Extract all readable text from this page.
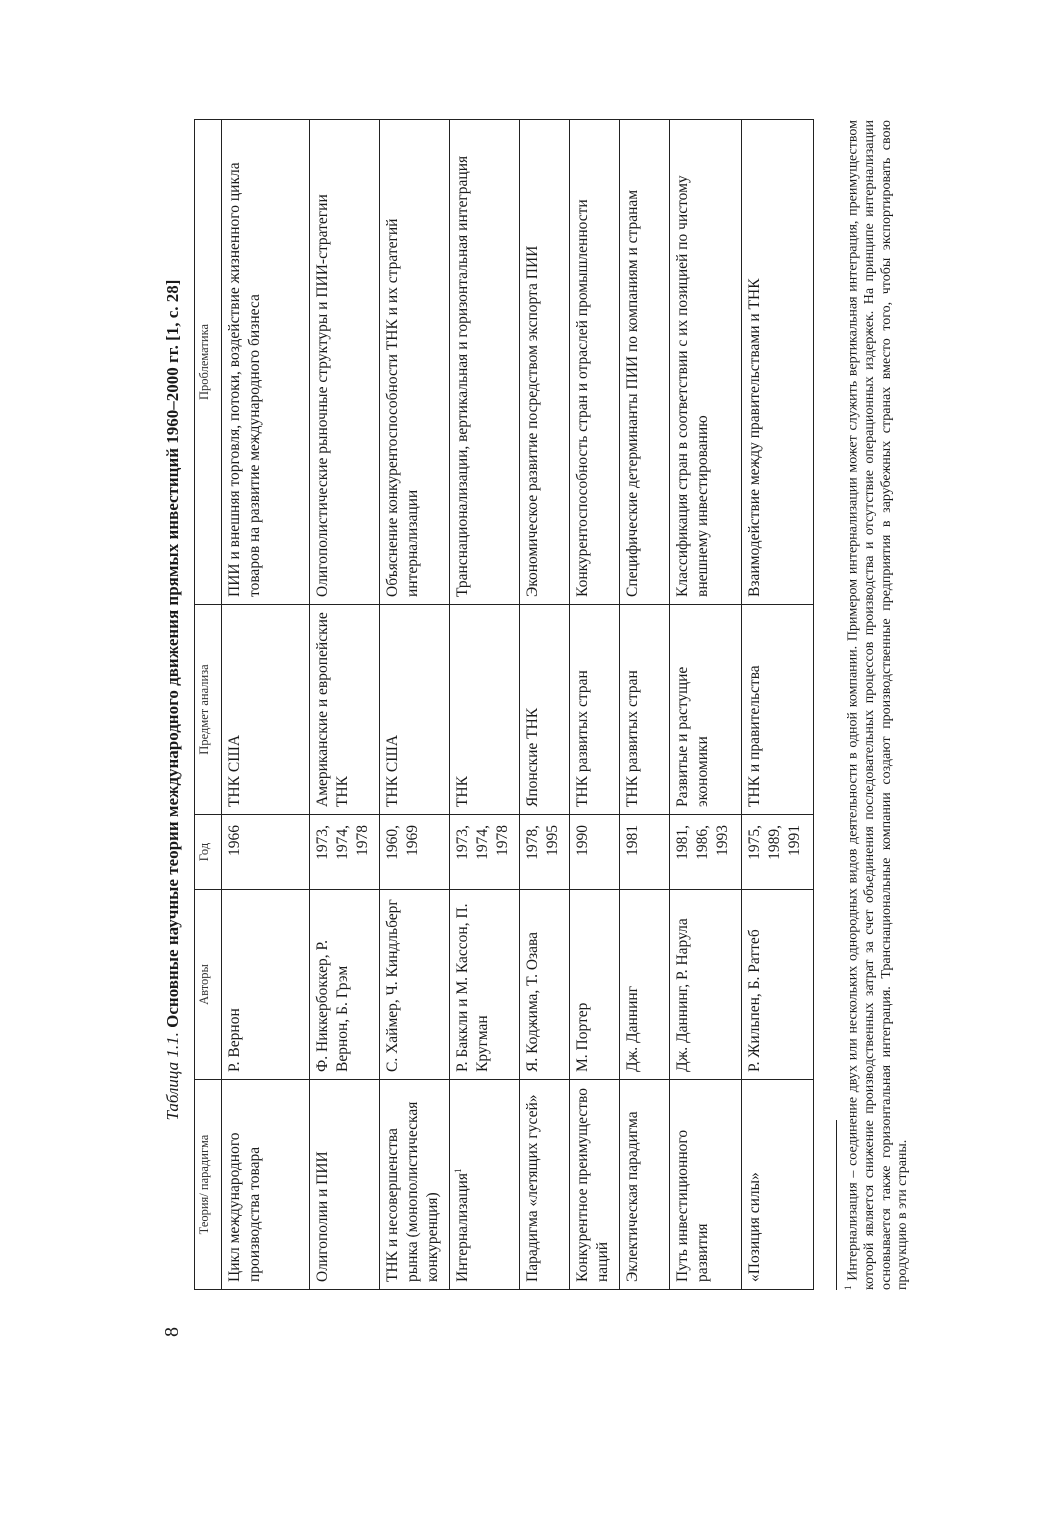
8
Таблица 1.1. Основные научные теории международного движения прямых инвестиций 1960–2000 гг. [1, с. 28]
Теория/ парадигма	Авторы	Год	Предмет анализа	Проблематика
Цикл международного производства товара	Р. Вернон	1966	ТНК США	ПИИ и внешняя торговля, потоки, воздействие жизненного цикла товаров на развитие международного бизнеса
Олигополии и ПИИ	Ф. Никкербоккер, Р. Вернон, Б. Грэм	1973, 1974, 1978	Американские и европейские ТНК	Олигополистические рыночные структуры и ПИИ-стратегии
ТНК и несовершенства рынка (монополистическая конкуренция)	С. Хаймер, Ч. Киндльберг	1960, 1969	ТНК США	Объяснение конкурентоспособности ТНК и их стратегий интернализации
Интернализация$^1$	Р. Баккли и М. Кассон, П. Кругман	1973, 1974, 1978	ТНК	Транснационализации, вертикальная и горизонтальная интеграция
Парадигма «летящих гусей»	Я. Коджима, Т. Озава	1978, 1995	Японские ТНК	Экономическое развитие посредством экспорта ПИИ
Конкурентное преимущество наций	М. Портер	1990	ТНК развитых стран	Конкурентоспособность стран и отраслей промышленности
Эклектическая парадигма	Дж. Даннинг	1981	ТНК развитых стран	Специфические детерминанты ПИИ по компаниям и странам
Путь инвестиционного развития	Дж. Даннинг, Р. Нарула	1981, 1986, 1993	Развитые и растущие экономики	Классификация стран в соответствии с их позицией по чистому внешнему инвестированию
«Позиция силы»	Р. Жильпен, Б. Раттеб	1975, 1989, 1991	ТНК и правительства	Взаимодействие между правительствами и ТНК
$^1$ Интернализация – соединение двух или нескольких однородных видов деятельности в одной компании. Примером интернализации может служить вертикальная интеграция, преимуществом которой является снижение производственных затрат за счет объединения последовательных процессов производства и отсутствие операционных издержек. На принципе интернализации основывается также горизонтальная интеграция. Транснациональные компании создают производственные предприятия в зарубежных странах вместо того, чтобы экспортировать свою продукцию в эти страны.
